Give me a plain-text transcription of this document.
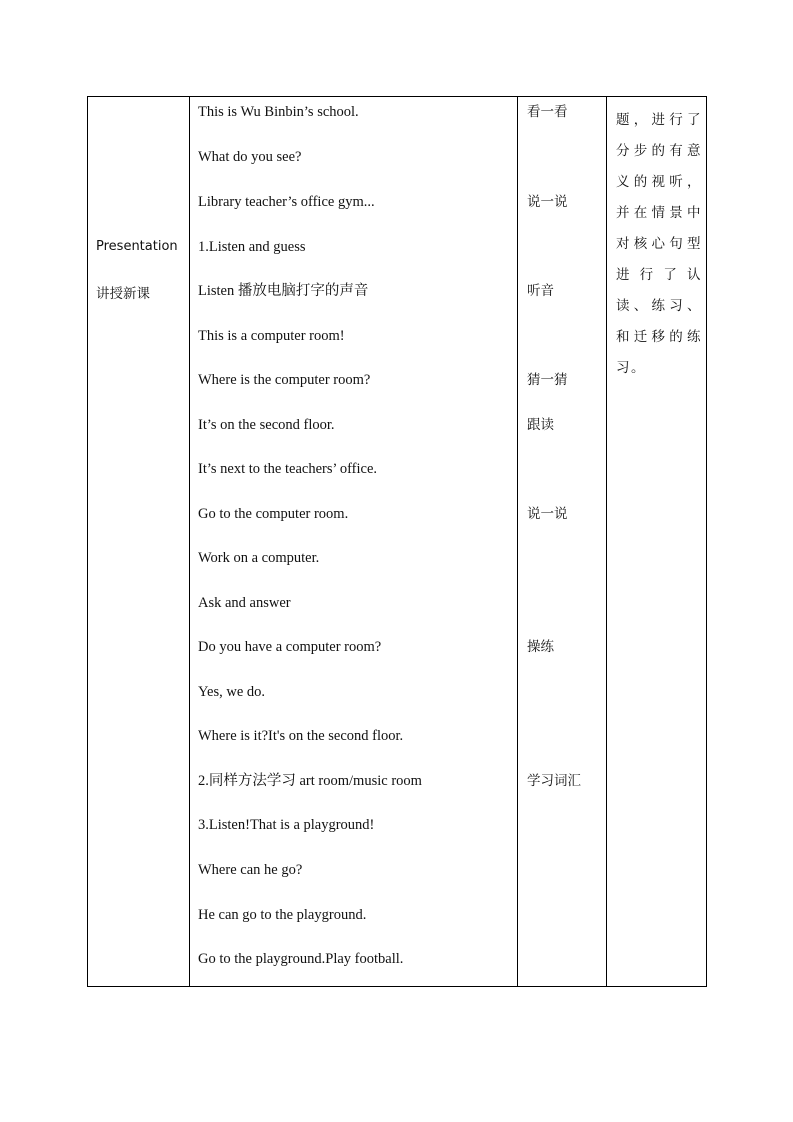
Presentation
讲授新课
This is Wu Binbin’s school.
What do you see?
Library teacher’s office gym...
1.Listen and guess
Listen 播放电脑打字的声音
This is a computer room!
Where is the computer room?
It’s on the second floor.
It’s next to the teachers’ office.
Go to the computer room.
Work on a computer.
Ask and answer
Do you have a computer room?
Yes, we do.
Where is it?It's on the second floor.
2.同样方法学习 art room/music room
3.Listen!That is a playground!
Where can he go?
He can go to the playground.
Go to the playground.Play football.
看一看
说一说
听音
猜一猜
跟读
说一说
操练
学习词汇
题，进行了分步的有意义的视听，并在情景中对核心句型进行了认读、练习、和迁移的练习。
